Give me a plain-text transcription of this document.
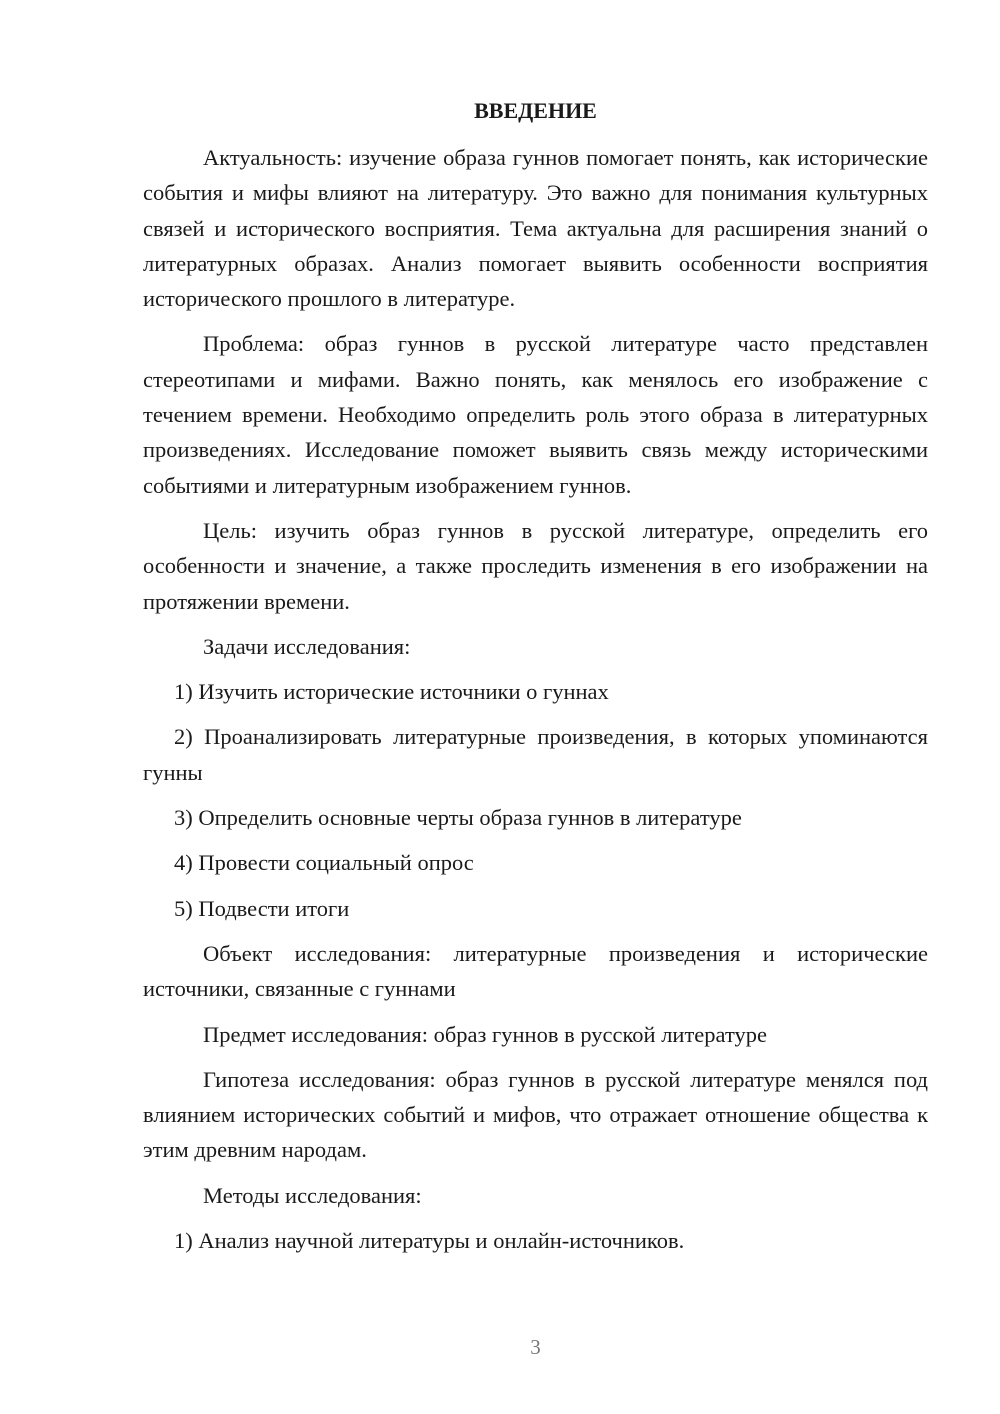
ВВЕДЕНИЕ

Актуальность: изучение образа гуннов помогает понять, как исторические события и мифы влияют на литературу. Это важно для понимания культурных связей и исторического восприятия. Тема актуальна для расширения знаний о литературных образах. Анализ помогает выявить особенности восприятия исторического прошлого в литературе.

Проблема: образ гуннов в русской литературе часто представлен стереотипами и мифами. Важно понять, как менялось его изображение с течением времени. Необходимо определить роль этого образа в литературных произведениях. Исследование поможет выявить связь между историческими событиями и литературным изображением гуннов.

Цель: изучить образ гуннов в русской литературе, определить его особенности и значение, а также проследить изменения в его изображении на протяжении времени.

Задачи исследования:

1) Изучить исторические источники о гуннах

2) Проанализировать литературные произведения, в которых упоминаются гунны

3) Определить основные черты образа гуннов в литературе

4) Провести социальный опрос

5) Подвести итоги

Объект исследования: литературные произведения и исторические источники, связанные с гуннами

Предмет исследования: образ гуннов в русской литературе

Гипотеза исследования: образ гуннов в русской литературе менялся под влиянием исторических событий и мифов, что отражает отношение общества к этим древним народам.

Методы исследования:

1) Анализ научной литературы и онлайн-источников.

3
